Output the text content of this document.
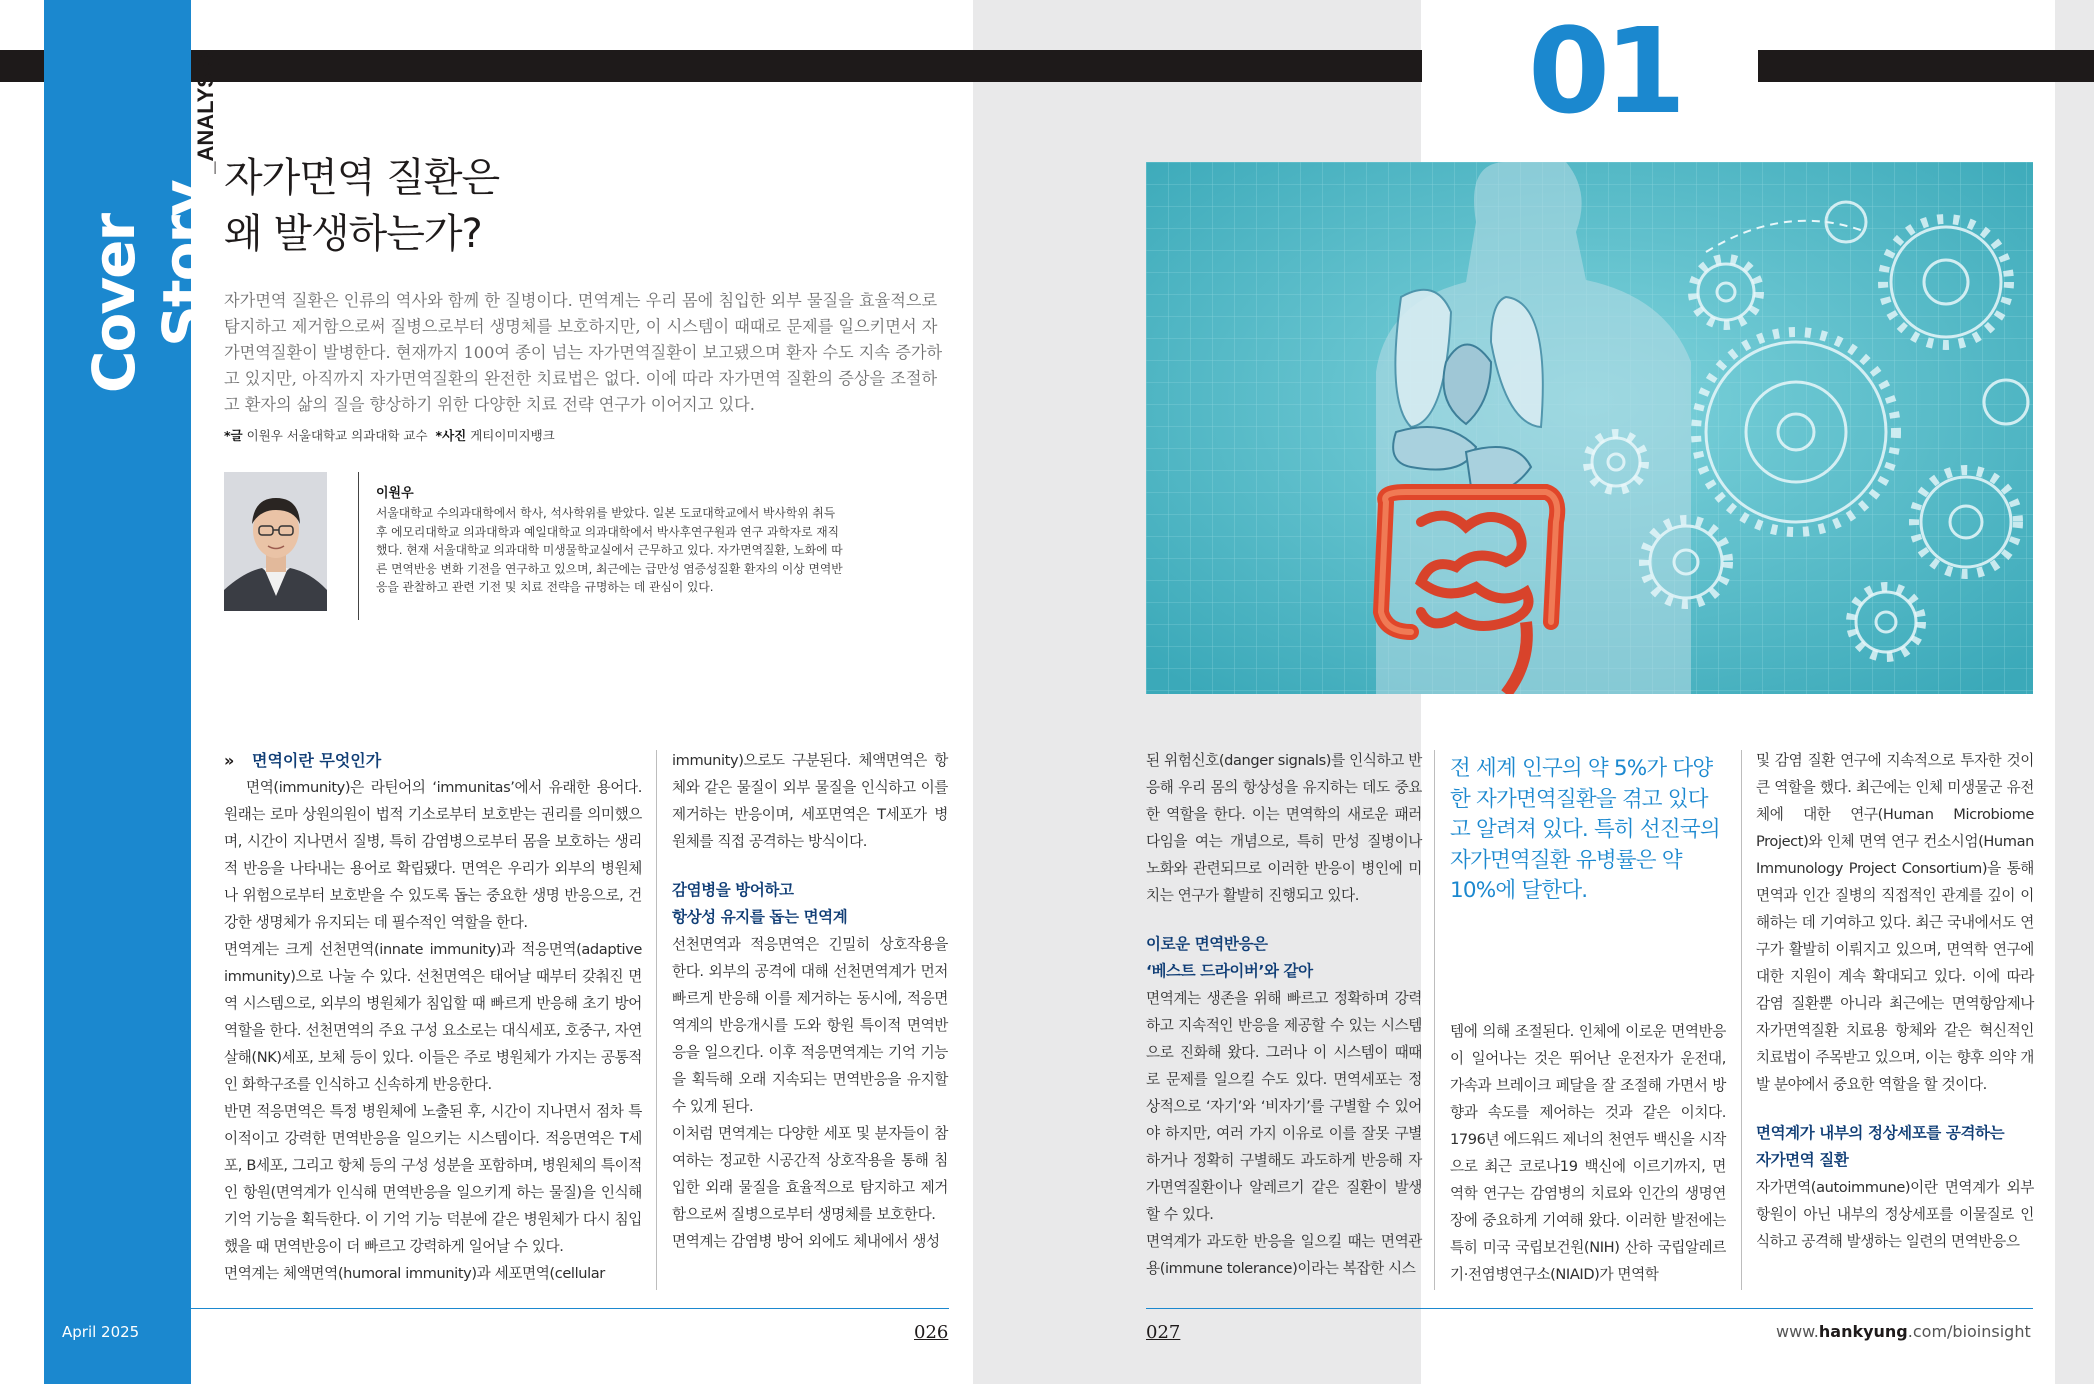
Cover Story
_ANALYSIS
자가면역 질환은
왜 발생하는가?
자가면역 질환은 인류의 역사와 함께 한 질병이다. 면역계는 우리 몸에 침입한 외부 물질을 효율적으로 탐지하고 제거함으로써 질병으로부터 생명체를 보호하지만, 이 시스템이 때때로 문제를 일으키면서 자가면역질환이 발병한다. 현재까지 100여 종이 넘는 자가면역질환이 보고됐으며 환자 수도 지속 증가하고 있지만, 아직까지 자가면역질환의 완전한 치료법은 없다. 이에 따라 자가면역 질환의 증상을 조절하고 환자의 삶의 질을 향상하기 위한 다양한 치료 전략 연구가 이어지고 있다.
*글 이원우 서울대학교 의과대학 교수 *사진 게티이미지뱅크
이원우
서울대학교 수의과대학에서 학사, 석사학위를 받았다. 일본 도쿄대학교에서 박사학위 취득 후 에모리대학교 의과대학과 예일대학교 의과대학에서 박사후연구원과 연구 과학자로 재직했다. 현재 서울대학교 의과대학 미생물학교실에서 근무하고 있다. 자가면역질환, 노화에 따른 면역반응 변화 기전을 연구하고 있으며, 최근에는 급만성 염증성질환 환자의 이상 면역반응을 관찰하고 관련 기전 및 치료 전략을 규명하는 데 관심이 있다.
» 면역이란 무엇인가

면역(immunity)은 라틴어의 ‘immunitas’에서 유래한 용어다. 원래는 로마 상원의원이 법적 기소로부터 보호받는 권리를 의미했으며, 시간이 지나면서 질병, 특히 감염병으로부터 몸을 보호하는 생리적 반응을 나타내는 용어로 확립됐다. 면역은 우리가 외부의 병원체나 위험으로부터 보호받을 수 있도록 돕는 중요한 생명 반응으로, 건강한 생명체가 유지되는 데 필수적인 역할을 한다.

면역계는 크게 선천면역(innate immunity)과 적응면역(adaptive immunity)으로 나눌 수 있다. 선천면역은 태어날 때부터 갖춰진 면역 시스템으로, 외부의 병원체가 침입할 때 빠르게 반응해 초기 방어 역할을 한다. 선천면역의 주요 구성 요소로는 대식세포, 호중구, 자연살해(NK)세포, 보체 등이 있다. 이들은 주로 병원체가 가지는 공통적인 화학구조를 인식하고 신속하게 반응한다.

반면 적응면역은 특정 병원체에 노출된 후, 시간이 지나면서 점차 특이적이고 강력한 면역반응을 일으키는 시스템이다. 적응면역은 T세포, B세포, 그리고 항체 등의 구성 성분을 포함하며, 병원체의 특이적인 항원(면역계가 인식해 면역반응을 일으키게 하는 물질)을 인식해 기억 기능을 획득한다. 이 기억 기능 덕분에 같은 병원체가 다시 침입했을 때 면역반응이 더 빠르고 강력하게 일어날 수 있다.

면역계는 체액면역(humoral immunity)과 세포면역(cellular

immunity)으로도 구분된다. 체액면역은 항체와 같은 물질이 외부 물질을 인식하고 이를 제거하는 반응이며, 세포면역은 T세포가 병원체를 직접 공격하는 방식이다.

감염병을 방어하고
항상성 유지를 돕는 면역계

선천면역과 적응면역은 긴밀히 상호작용을 한다. 외부의 공격에 대해 선천면역계가 먼저 빠르게 반응해 이를 제거하는 동시에, 적응면역계의 반응개시를 도와 항원 특이적 면역반응을 일으킨다. 이후 적응면역계는 기억 기능을 획득해 오래 지속되는 면역반응을 유지할 수 있게 된다.

이처럼 면역계는 다양한 세포 및 분자들이 참여하는 정교한 시공간적 상호작용을 통해 침입한 외래 물질을 효율적으로 탐지하고 제거함으로써 질병으로부터 생명체를 보호한다.

면역계는 감염병 방어 외에도 체내에서 생성

01

된 위험신호(danger signals)를 인식하고 반응해 우리 몸의 항상성을 유지하는 데도 중요한 역할을 한다. 이는 면역학의 새로운 패러다임을 여는 개념으로, 특히 만성 질병이나 노화와 관련되므로 이러한 반응이 병인에 미치는 연구가 활발히 진행되고 있다.

이로운 면역반응은
‘베스트 드라이버’와 같아

면역계는 생존을 위해 빠르고 정확하며 강력하고 지속적인 반응을 제공할 수 있는 시스템으로 진화해 왔다. 그러나 이 시스템이 때때로 문제를 일으킬 수도 있다. 면역세포는 정상적으로 ‘자기’와 ‘비자기’를 구별할 수 있어야 하지만, 여러 가지 이유로 이를 잘못 구별하거나 정확히 구별해도 과도하게 반응해 자가면역질환이나 알레르기 같은 질환이 발생할 수 있다.

면역계가 과도한 반응을 일으킬 때는 면역관용(immune tolerance)이라는 복잡한 시스

전 세계 인구의 약 5%가 다양한 자가면역질환을 겪고 있다고 알려져 있다. 특히 선진국의 자가면역질환 유병률은 약 10%에 달한다.

템에 의해 조절된다. 인체에 이로운 면역반응이 일어나는 것은 뛰어난 운전자가 운전대, 가속과 브레이크 페달을 잘 조절해 가면서 방향과 속도를 제어하는 것과 같은 이치다. 1796년 에드워드 제너의 천연두 백신을 시작으로 최근 코로나19 백신에 이르기까지, 면역학 연구는 감염병의 치료와 인간의 생명연장에 중요하게 기여해 왔다. 이러한 발전에는 특히 미국 국립보건원(NIH) 산하 국립알레르기·전염병연구소(NIAID)가 면역학

및 감염 질환 연구에 지속적으로 투자한 것이 큰 역할을 했다. 최근에는 인체 미생물군 유전체에 대한 연구(Human Microbiome Project)와 인체 면역 연구 컨소시엄(Human Immunology Project Consortium)을 통해 면역과 인간 질병의 직접적인 관계를 깊이 이해하는 데 기여하고 있다. 최근 국내에서도 연구가 활발히 이뤄지고 있으며, 면역학 연구에 대한 지원이 계속 확대되고 있다. 이에 따라 감염 질환뿐 아니라 최근에는 면역항암제나 자가면역질환 치료용 항체와 같은 혁신적인 치료법이 주목받고 있으며, 이는 향후 의약 개발 분야에서 중요한 역할을 할 것이다.

면역계가 내부의 정상세포를 공격하는
자가면역 질환

자가면역(autoimmune)이란 면역계가 외부 항원이 아닌 내부의 정상세포를 이물질로 인식하고 공격해 발생하는 일련의 면역반응으

April 2025	026	027	www.hankyung.com/bioinsight
